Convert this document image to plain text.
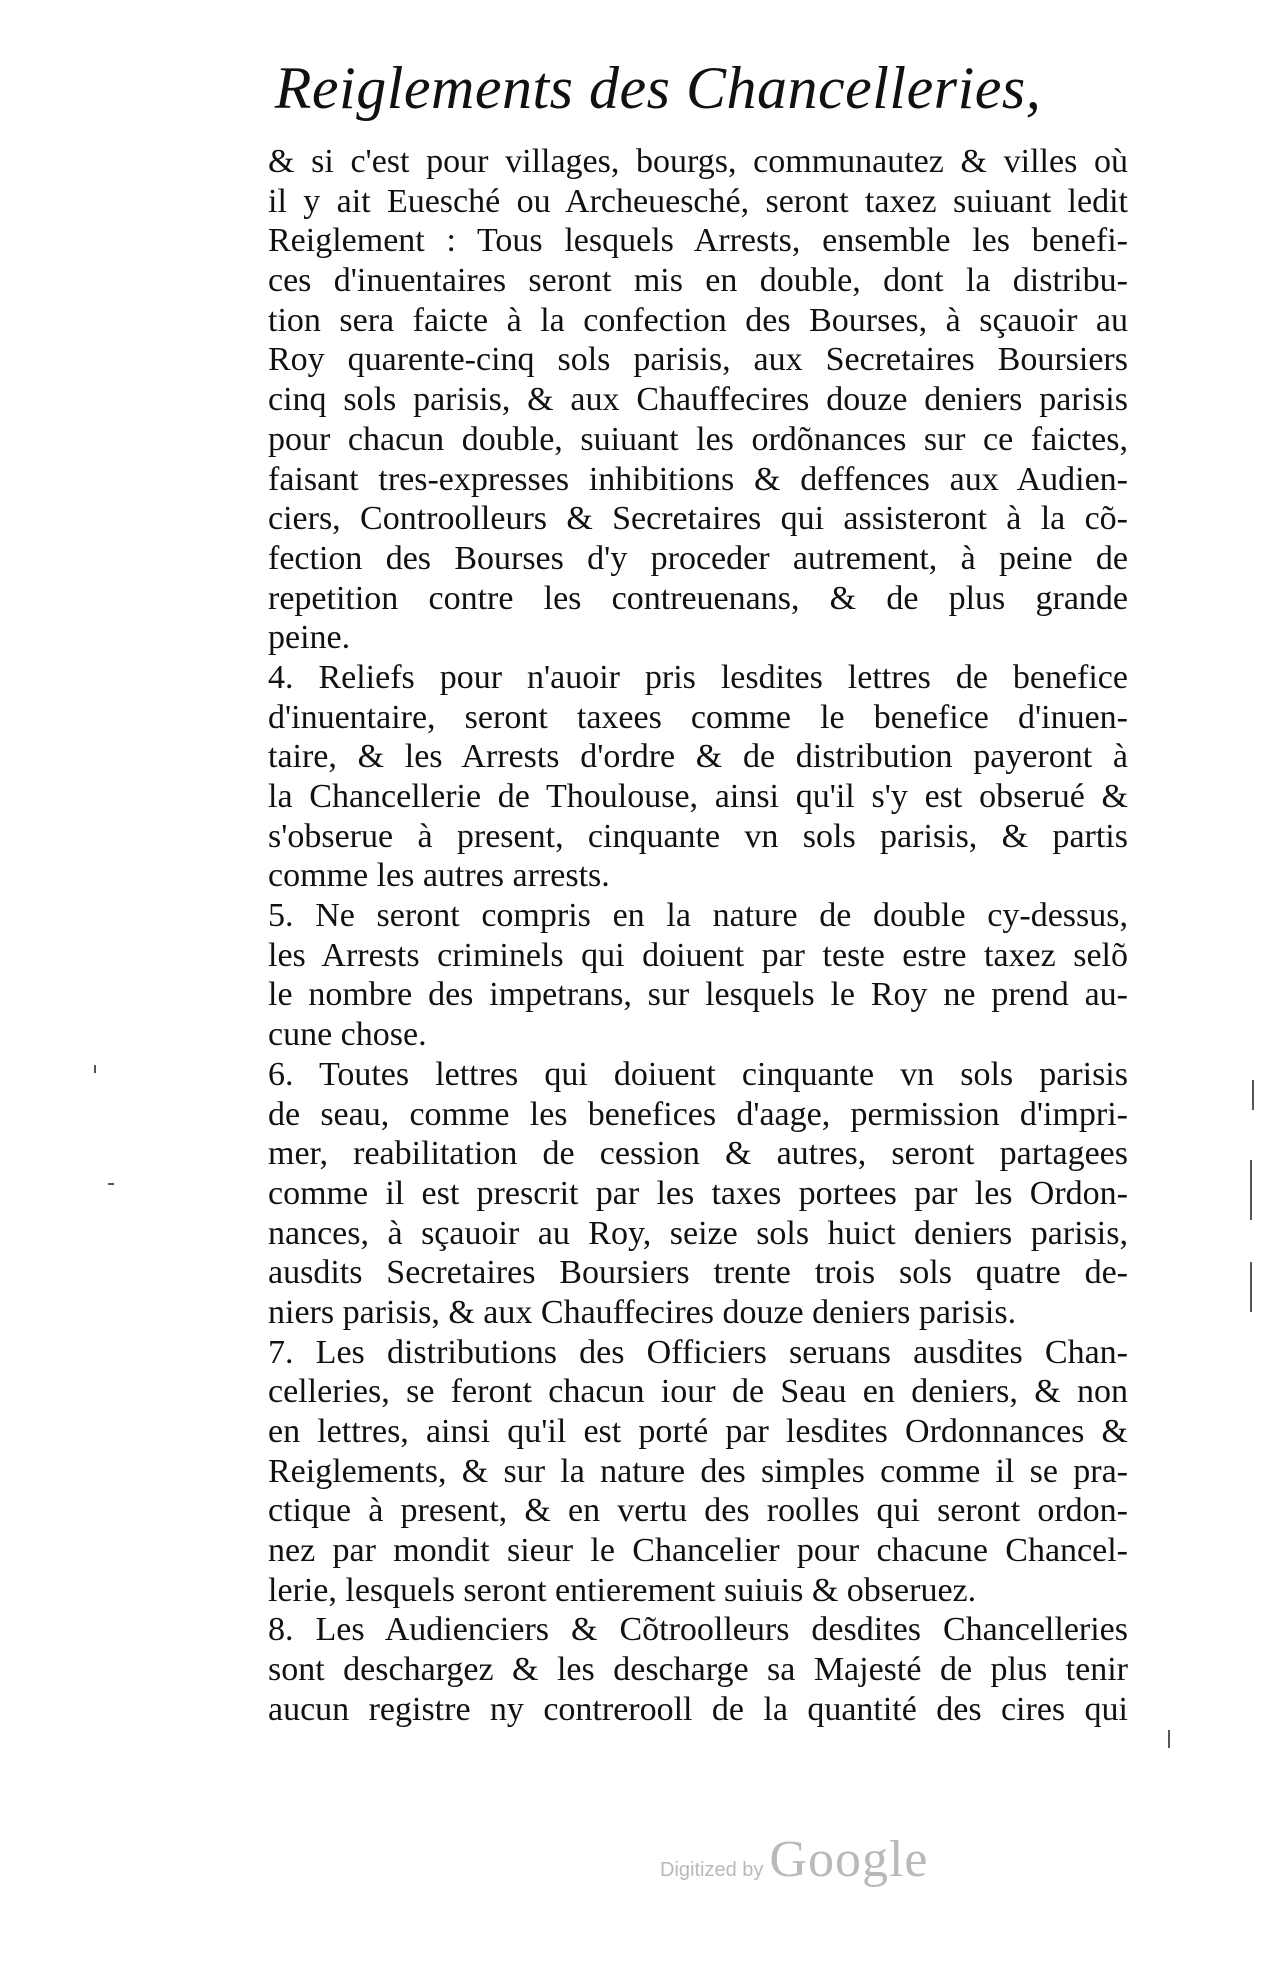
Reiglements des Chancelleries,
& si c'est pour villages, bourgs, communautez & villes où
il y ait Euesché ou Archeuesché, seront taxez suiuant ledit
Reiglement : Tous lesquels Arrests, ensemble les benefi-
ces d'inuentaires seront mis en double, dont la distribu-
tion sera faicte à la confection des Bourses, à sçauoir au
Roy quarente-cinq sols parisis, aux Secretaires Boursiers
cinq sols parisis, & aux Chauffecires douze deniers parisis
pour chacun double, suiuant les ordõnances sur ce faictes,
faisant tres-expresses inhibitions & deffences aux Audien-
ciers, Controolleurs & Secretaires qui assisteront à la cõ-
fection des Bourses d'y proceder autrement, à peine de
repetition contre les contreuenans, & de plus grande
peine.
4. Reliefs pour n'auoir pris lesdites lettres de benefice
d'inuentaire, seront taxees comme le benefice d'inuen-
taire, & les Arrests d'ordre & de distribution payeront à
la Chancellerie de Thoulouse, ainsi qu'il s'y est obserué &
s'obserue à present, cinquante vn sols parisis, & partis
comme les autres arrests.
5. Ne seront compris en la nature de double cy-dessus,
les Arrests criminels qui doiuent par teste estre taxez selõ
le nombre des impetrans, sur lesquels le Roy ne prend au-
cune chose.
6. Toutes lettres qui doiuent cinquante vn sols parisis
de seau, comme les benefices d'aage, permission d'impri-
mer, reabilitation de cession & autres, seront partagees
comme il est prescrit par les taxes portees par les Ordon-
nances, à sçauoir au Roy, seize sols huict deniers parisis,
ausdits Secretaires Boursiers trente trois sols quatre de-
niers parisis, & aux Chauffecires douze deniers parisis.
7. Les distributions des Officiers seruans ausdites Chan-
celleries, se feront chacun iour de Seau en deniers, & non
en lettres, ainsi qu'il est porté par lesdites Ordonnances &
Reiglements, & sur la nature des simples comme il se pra-
ctique à present, & en vertu des roolles qui seront ordon-
nez par mondit sieur le Chancelier pour chacune Chancel-
lerie, lesquels seront entierement suiuis & obseruez.
8. Les Audienciers & Cõtroolleurs desdites Chancelleries
sont deschargez & les descharge sa Majesté de plus tenir
aucun registre ny contrerooll de la quantité des cires qui
Digitized by Google
